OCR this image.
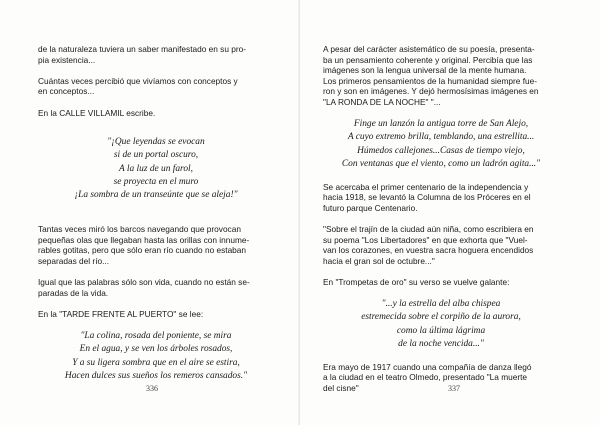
de la naturaleza tuviera un saber manifestado en su pro-
pia existencia...

Cuántas veces percibió que vivíamos con conceptos y
en conceptos...

En la CALLE VILLAMIL escribe.

"¡Que leyendas se evocan
si de un portal oscuro,
A la luz de un farol,
se proyecta en el muro
¡La sombra de un transeúnte que se aleja!"

Tantas veces miró los barcos navegando que provocan
pequeñas olas que llegaban hasta las orillas con innume-
rables gotitas, pero que sólo eran río cuando no estaban
separadas del río...

Igual que las palabras sólo son vida, cuando no están se-
paradas de la vida.

En la "TARDE FRENTE AL PUERTO" se lee:

"La colina, rosada del poniente, se mira
En el agua, y se ven los árboles rosados,
Y a su ligera sombra que en el aire se estira,
Hacen dulces sus sueños los remeros cansados."
336

A pesar del carácter asistemático de su poesía, presenta-
ba un pensamiento coherente y original. Percibía que las
imágenes son la lengua universal de la mente humana.
Los primeros pensamientos de la humanidad siempre fue-
ron y son en imágenes. Y dejó hermosísimas imágenes en
"LA RONDA DE LA NOCHE" "...

Finge un lanzón la antigua torre de San Alejo,
A cuyo extremo brilla, temblando, una estrellita...
Húmedos callejones...Casas de tiempo viejo,
Con ventanas que el viento, como un ladrón agita..."

Se acercaba el primer centenario de la independencia y
hacia 1918, se levantó la Columna de los Próceres en el
futuro parque Centenario.

"Sobre el trajín de la ciudad aún niña, como escribiera en
su poema "Los Libertadores" en que exhorta que "Vuel-
van los corazones, en vuestra sacra hoguera encendidos
hacia el gran sol de octubre..."

En "Trompetas de oro" su verso se vuelve galante:

"...y la estrella del alba chispea
estremecida sobre el corpiño de la aurora,
como la última lágrima
de la noche vencida..."

Era mayo de 1917 cuando una compañía de danza llegó
a la ciudad en el teatro Olmedo, presentado "La muerte
del cisne"	337
